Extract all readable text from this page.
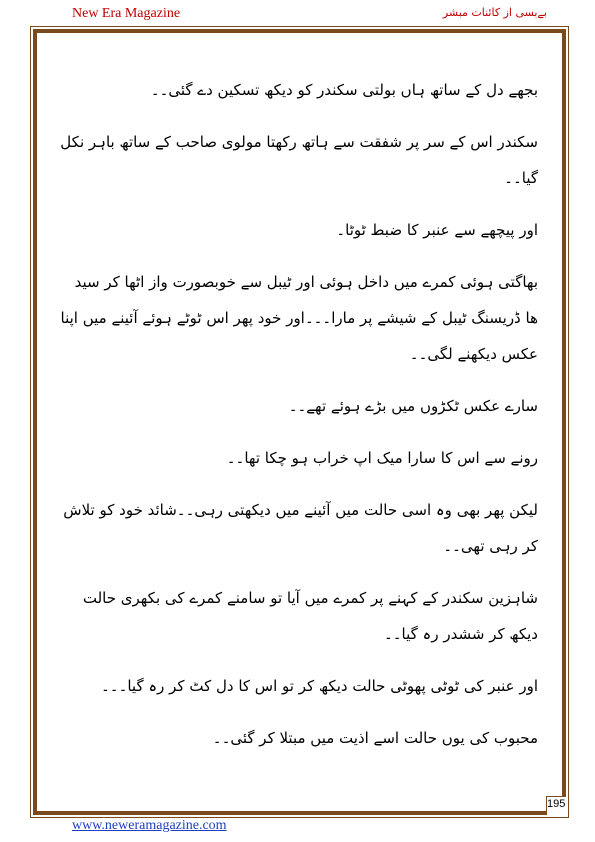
New Era Magazine	بےبسی از کائنات مبشر

بجھے دل کے ساتھ ہاں بولتی سکندر کو دیکھ تسکین دے گئی۔۔

سکندر اس کے سر پر شفقت سے ہاتھ رکھتا مولوی صاحب کے ساتھ باہر نکل گیا۔۔

اور پیچھے سے عنبر کا ضبط ٹوٹا۔

بھاگتی ہوئی کمرے میں داخل ہوئی اور ٹیبل سے خوبصورت واز اٹھا کر سید ھا ڈریسنگ ٹیبل کے شیشے پر مارا۔۔۔اور خود پھر اس ٹوٹے ہوئے آئینے میں اپنا عکس دیکھنے لگی۔۔

سارے عکس ٹکڑوں میں بڑے ہوئے تھے۔۔

رونے سے اس کا سارا میک اپ خراب ہو چکا تھا۔۔

لیکن پھر بھی وہ اسی حالت میں آئینے میں دیکھتی رہی۔۔شائد خود کو تلاش کر رہی تھی۔۔

شاہزین سکندر کے کہنے پر کمرے میں آیا تو سامنے کمرے کی بکھری حالت دیکھ کر ششدر رہ گیا۔۔

اور عنبر کی ٹوٹی پھوٹی حالت دیکھ کر تو اس کا دل کٹ کر رہ گیا۔۔۔

محبوب کی یوں حالت اسے اذیت میں مبتلا کر گئی۔۔

195
www.neweramagazine.com
